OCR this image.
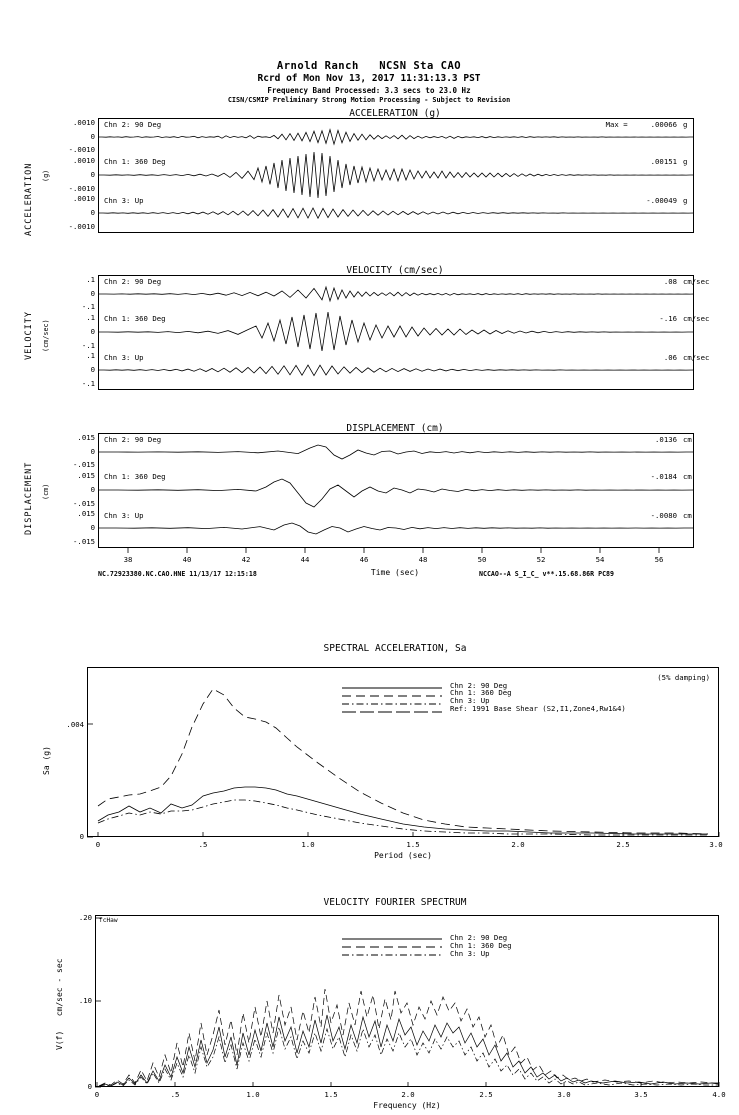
Arnold Ranch   NCSN Sta CAO
Rcrd of Mon Nov 13, 2017 11:31:13.3 PST
Frequency Band Processed: 3.3 secs to 23.0 Hz
CISN/CSMIP Preliminary Strong Motion Processing - Subject to Revision
ACCELERATION (g)
ACCELERATION
.0010
0
-.0010
.0010
0
-.0010
.0010
0
-.0010
(g)
Chn 2: 90 Deg
Chn 1: 360 Deg
Chn 3: Up
Max =	.00066 g
.00151 g
-.00049 g
VELOCITY (cm/sec)
VELOCITY (cm/sec)
.1
0
-.1
.1
0
-.1
.1
0
-.1
Chn 2: 90 Deg
Chn 1: 360 Deg
Chn 3: Up
.08 cm/sec
-.16 cm/sec
.06 cm/sec
DISPLACEMENT (cm)
DISPLACEMENT (cm)
.015
0
-.015
.015
0
-.015
.015
0
-.015
Chn 2: 90 Deg
Chn 1: 360 Deg
Chn 3: Up
.0136 cm
-.0184 cm
-.0080 cm
38	40	42	44	46	48	50	52	54	56
Time (sec)
NC.72923380.NC.CAO.HNE 11/13/17 12:15:18	NCCAO--A S_I_C_ v**.15.68.86R PC89
SPECTRAL ACCELERATION, Sa
Chn 2: 90 Deg
Chn 1: 360 Deg
Chn 3: Up
Ref: 1991 Base Shear (S2,I1,Zone4,Rw1&4)
(5% damping)
.004
0
Sa (g)
0	.5	1.0	1.5	2.0	2.5	3.0
Period (sec)
VELOCITY FOURIER SPECTRUM
fcHaw
Chn 2: 90 Deg
Chn 1: 360 Deg
Chn 3: Up
.20
.10
0
V(f)   cm/sec - sec
0	.5	1.0	1.5	2.0	2.5	3.0	3.5	4.0
Frequency (Hz)
